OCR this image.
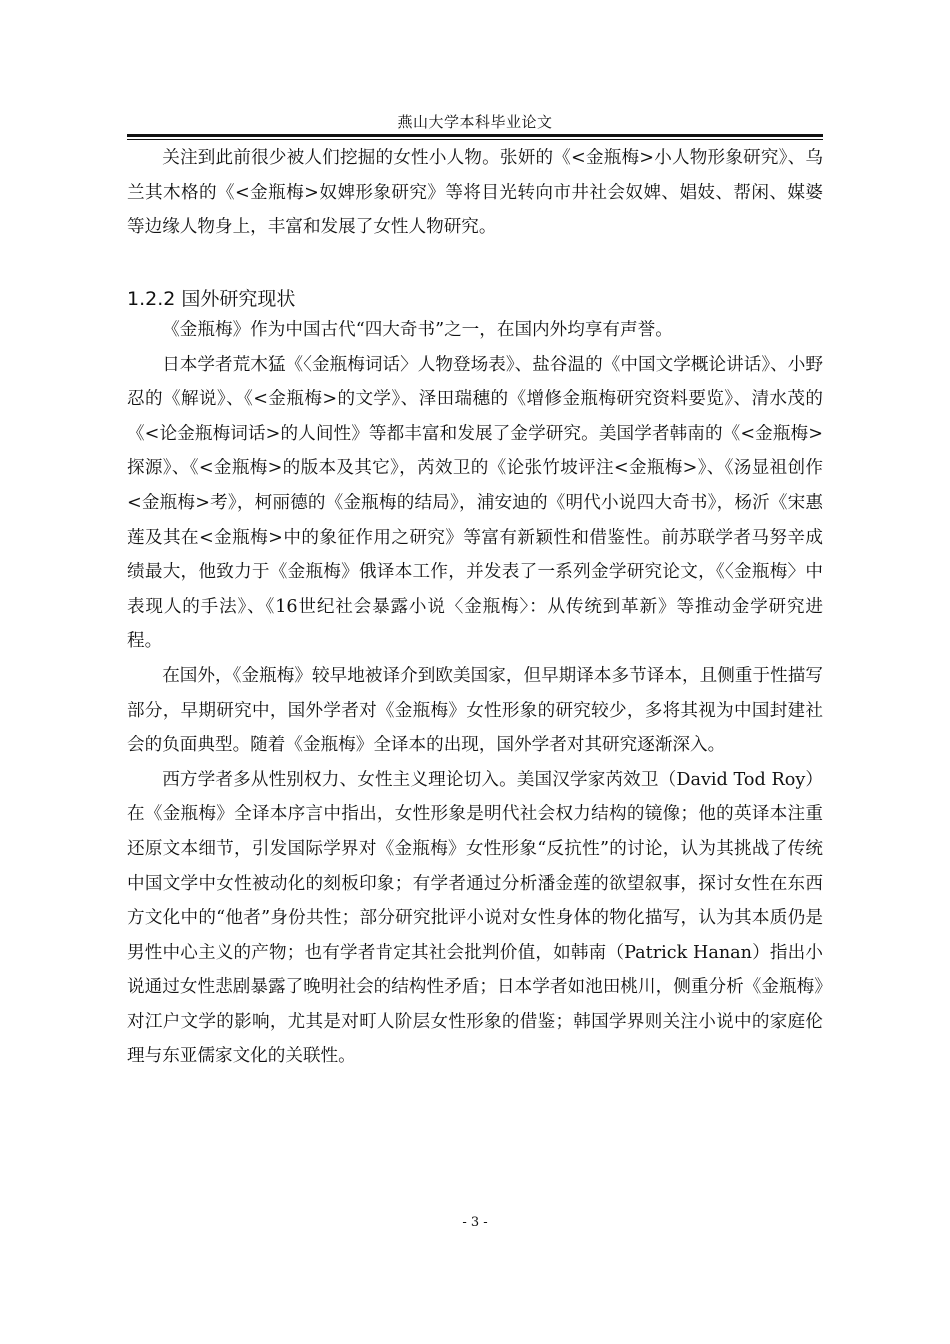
燕山大学本科毕业论文

关注到此前很少被人们挖掘的女性小人物。张妍的《<金瓶梅>小人物形象研究》、乌兰其木格的《<金瓶梅>奴婢形象研究》等将目光转向市井社会奴婢、娼妓、帮闲、媒婆等边缘人物身上，丰富和发展了女性人物研究。

1.2.2 国外研究现状

《金瓶梅》作为中国古代“四大奇书”之一，在国内外均享有声誉。

日本学者荒木猛《〈金瓶梅词话〉人物登场表》、盐谷温的《中国文学概论讲话》、小野忍的《解说》、《<金瓶梅>的文学》、泽田瑞穗的《增修金瓶梅研究资料要览》、清水茂的《<论金瓶梅词话>的人间性》等都丰富和发展了金学研究。美国学者韩南的《<金瓶梅>探源》、《<金瓶梅>的版本及其它》，芮效卫的《论张竹坡评注<金瓶梅>》、《汤显祖创作<金瓶梅>考》，柯丽德的《金瓶梅的结局》，浦安迪的《明代小说四大奇书》，杨沂《宋惠莲及其在<金瓶梅>中的象征作用之研究》等富有新颖性和借鉴性。前苏联学者马努辛成绩最大，他致力于《金瓶梅》俄译本工作，并发表了一系列金学研究论文，《〈金瓶梅〉中表现人的手法》、《16世纪社会暴露小说〈金瓶梅〉：从传统到革新》等推动金学研究进程。

在国外，《金瓶梅》较早地被译介到欧美国家，但早期译本多节译本，且侧重于性描写部分，早期研究中，国外学者对《金瓶梅》女性形象的研究较少，多将其视为中国封建社会的负面典型。随着《金瓶梅》全译本的出现，国外学者对其研究逐渐深入。

西方学者多从性别权力、女性主义理论切入。美国汉学家芮效卫（David Tod Roy）在《金瓶梅》全译本序言中指出，女性形象是明代社会权力结构的镜像；他的英译本注重还原文本细节，引发国际学界对《金瓶梅》女性形象“反抗性”的讨论，认为其挑战了传统中国文学中女性被动化的刻板印象；有学者通过分析潘金莲的欲望叙事，探讨女性在东西方文化中的“他者”身份共性；部分研究批评小说对女性身体的物化描写，认为其本质仍是男性中心主义的产物；也有学者肯定其社会批判价值，如韩南（Patrick Hanan）指出小说通过女性悲剧暴露了晚明社会的结构性矛盾；日本学者如池田桃川，侧重分析《金瓶梅》对江户文学的影响，尤其是对町人阶层女性形象的借鉴；韩国学界则关注小说中的家庭伦理与东亚儒家文化的关联性。

- 3 -
